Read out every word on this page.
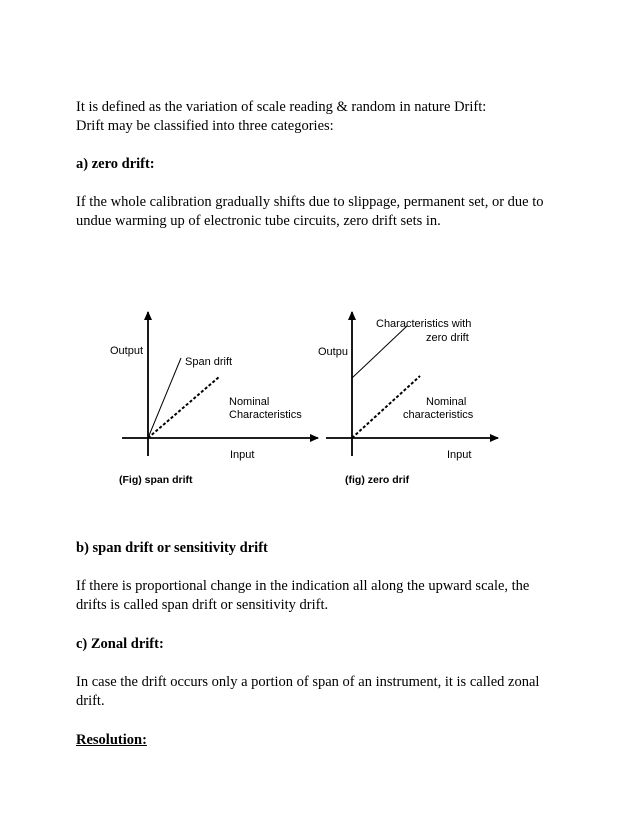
It is defined as the variation of scale reading & random in nature Drift:

Drift may be classified into three categories:

a) zero drift:

If the whole calibration gradually shifts due to slippage, permanent set, or due to

undue warming up of electronic tube circuits, zero drift sets in.

Output
Span drift
Nominal
Characteristics
Input
(Fig) span drift
Outpu
Characteristics with
zero drift
Nominal
characteristics
Input
(fig) zero drif

b) span drift or sensitivity drift

If there is proportional change in the indication all along the upward scale, the

drifts is called span drift or sensitivity drift.

c) Zonal drift:

In case the drift occurs only a portion of span of an instrument, it is called zonal

drift.

Resolution:
